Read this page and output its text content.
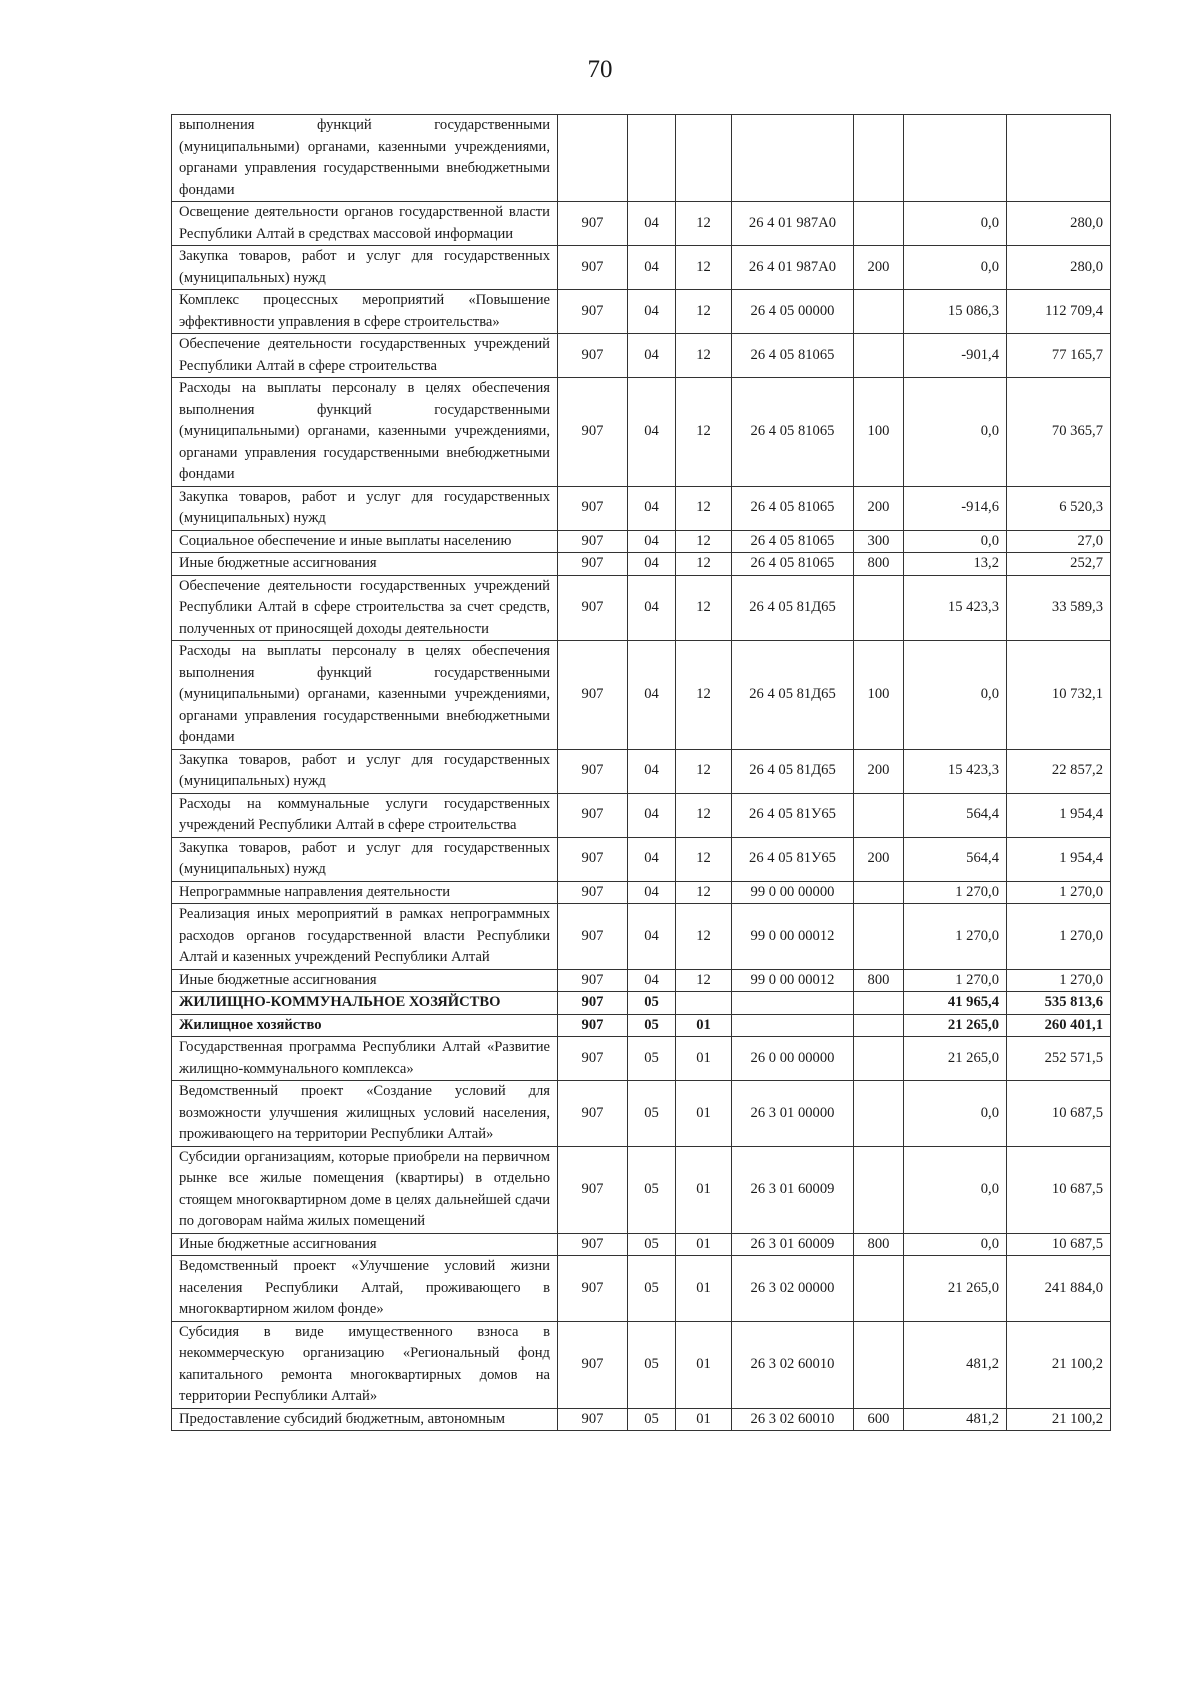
70
выполнения функций государственными (муниципальными) органами, казенными учреждениями, органами управления государственными внебюджетными фондами							
Освещение деятельности органов государственной власти Республики Алтай в средствах массовой информации	907	04	12	26 4 01 987А0		0,0	280,0
Закупка товаров, работ и услуг для государственных (муниципальных) нужд	907	04	12	26 4 01 987А0	200	0,0	280,0
Комплекс процессных мероприятий «Повышение эффективности управления в сфере строительства»	907	04	12	26 4 05 00000		15 086,3	112 709,4
Обеспечение деятельности государственных учреждений Республики Алтай в сфере строительства	907	04	12	26 4 05 81065		-901,4	77 165,7
Расходы на выплаты персоналу в целях обеспечения выполнения функций государственными (муниципальными) органами, казенными учреждениями, органами управления государственными внебюджетными фондами	907	04	12	26 4 05 81065	100	0,0	70 365,7
Закупка товаров, работ и услуг для государственных (муниципальных) нужд	907	04	12	26 4 05 81065	200	-914,6	6 520,3
Социальное обеспечение и иные выплаты населению	907	04	12	26 4 05 81065	300	0,0	27,0
Иные бюджетные ассигнования	907	04	12	26 4 05 81065	800	13,2	252,7
Обеспечение деятельности государственных учреждений Республики Алтай в сфере строительства за счет средств, полученных от приносящей доходы деятельности	907	04	12	26 4 05 81Д65		15 423,3	33 589,3
Расходы на выплаты персоналу в целях обеспечения выполнения функций государственными (муниципальными) органами, казенными учреждениями, органами управления государственными внебюджетными фондами	907	04	12	26 4 05 81Д65	100	0,0	10 732,1
Закупка товаров, работ и услуг для государственных (муниципальных) нужд	907	04	12	26 4 05 81Д65	200	15 423,3	22 857,2
Расходы на коммунальные услуги государственных учреждений Республики Алтай в сфере строительства	907	04	12	26 4 05 81У65		564,4	1 954,4
Закупка товаров, работ и услуг для государственных (муниципальных) нужд	907	04	12	26 4 05 81У65	200	564,4	1 954,4
Непрограммные направления деятельности	907	04	12	99 0 00 00000		1 270,0	1 270,0
Реализация иных мероприятий в рамках непрограммных расходов органов государственной власти Республики Алтай и казенных учреждений Республики Алтай	907	04	12	99 0 00 00012		1 270,0	1 270,0
Иные бюджетные ассигнования	907	04	12	99 0 00 00012	800	1 270,0	1 270,0
ЖИЛИЩНО-КОММУНАЛЬНОЕ ХОЗЯЙСТВО	907	05				41 965,4	535 813,6
Жилищное хозяйство	907	05	01			21 265,0	260 401,1
Государственная программа Республики Алтай «Развитие жилищно-коммунального комплекса»	907	05	01	26 0 00 00000		21 265,0	252 571,5
Ведомственный проект «Создание условий для возможности улучшения жилищных условий населения, проживающего на территории Республики Алтай»	907	05	01	26 3 01 00000		0,0	10 687,5
Субсидии организациям, которые приобрели на первичном рынке все жилые помещения (квартиры) в отдельно стоящем многоквартирном доме в целях дальнейшей сдачи по договорам найма жилых помещений	907	05	01	26 3 01 60009		0,0	10 687,5
Иные бюджетные ассигнования	907	05	01	26 3 01 60009	800	0,0	10 687,5
Ведомственный проект «Улучшение условий жизни населения Республики Алтай, проживающего в многоквартирном жилом фонде»	907	05	01	26 3 02 00000		21 265,0	241 884,0
Субсидия в виде имущественного взноса в некоммерческую организацию «Региональный фонд капитального ремонта многоквартирных домов на территории Республики Алтай»	907	05	01	26 3 02 60010		481,2	21 100,2
Предоставление субсидий бюджетным, автономным	907	05	01	26 3 02 60010	600	481,2	21 100,2
